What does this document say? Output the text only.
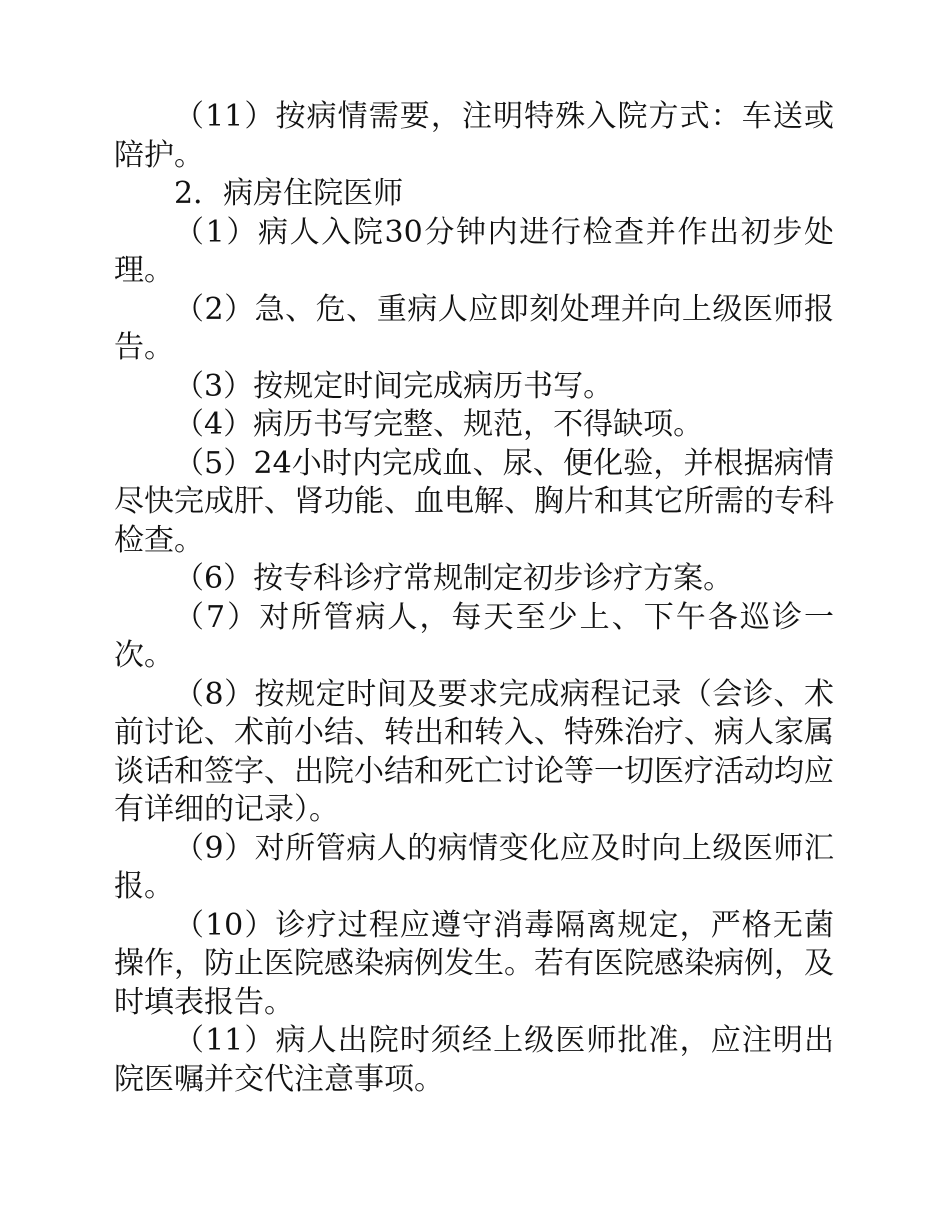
（11）按病情需要，注明特殊入院方式：车送或陪护。

2．病房住院医师

（1）病人入院30分钟内进行检查并作出初步处理。

（2）急、危、重病人应即刻处理并向上级医师报告。

（3）按规定时间完成病历书写。

（4）病历书写完整、规范，不得缺项。

（5）24小时内完成血、尿、便化验，并根据病情尽快完成肝、肾功能、血电解、胸片和其它所需的专科检查。

（6）按专科诊疗常规制定初步诊疗方案。

（7）对所管病人，每天至少上、下午各巡诊一次。

（8）按规定时间及要求完成病程记录（会诊、术前讨论、术前小结、转出和转入、特殊治疗、病人家属谈话和签字、出院小结和死亡讨论等一切医疗活动均应有详细的记录）。

（9）对所管病人的病情变化应及时向上级医师汇报。

（10）诊疗过程应遵守消毒隔离规定，严格无菌操作，防止医院感染病例发生。若有医院感染病例，及时填表报告。

（11）病人出院时须经上级医师批准，应注明出院医嘱并交代注意事项。
